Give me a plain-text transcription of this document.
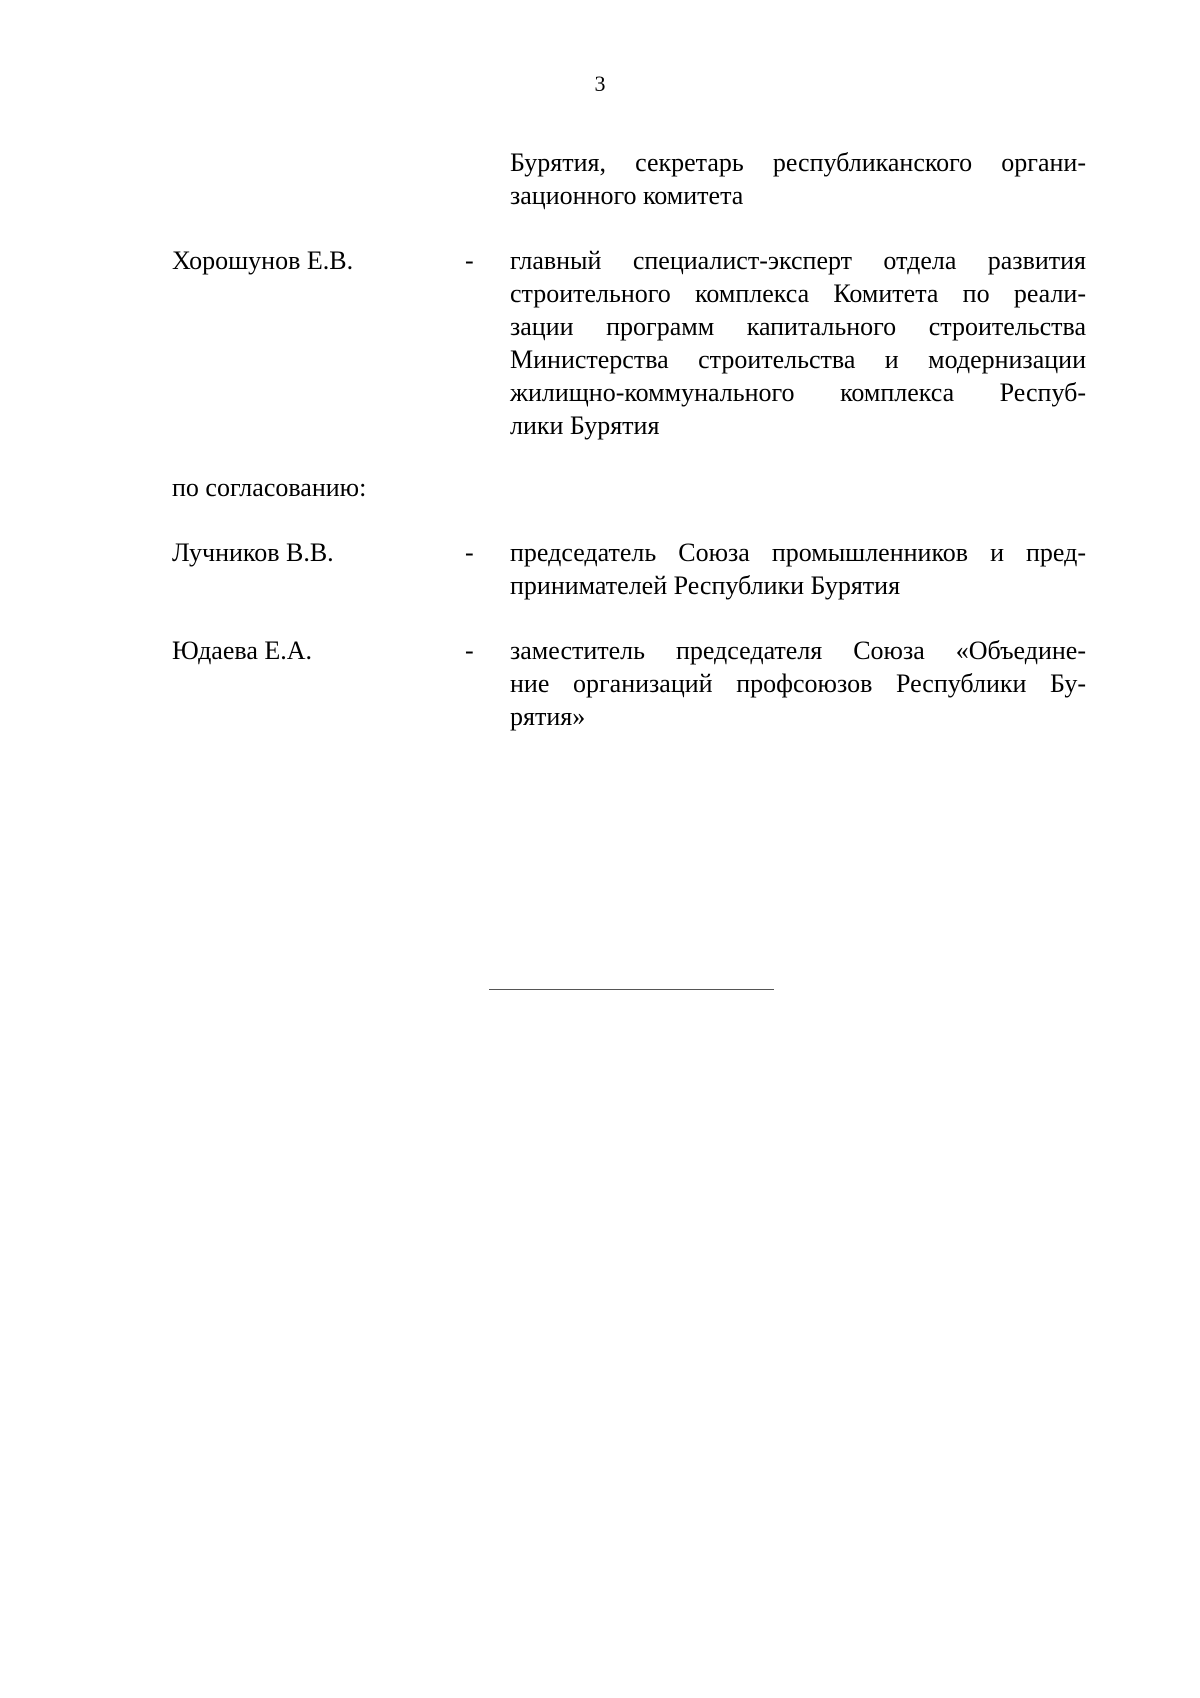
3
Бурятия, секретарь республиканского органи-
зационного комитета
Хорошунов Е.В.	- главный специалист-эксперт отдела развития
строительного комплекса Комитета по реали-
зации программ капитального строительства
Министерства строительства и модернизации
жилищно-коммунального комплекса Респуб-
лики Бурятия
по согласованию:
Лучников В.В.	- председатель Союза промышленников и пред-
принимателей Республики Бурятия
Юдаева Е.А.	- заместитель председателя Союза «Объедине-
ние организаций профсоюзов Республики Бу-
рятия»
